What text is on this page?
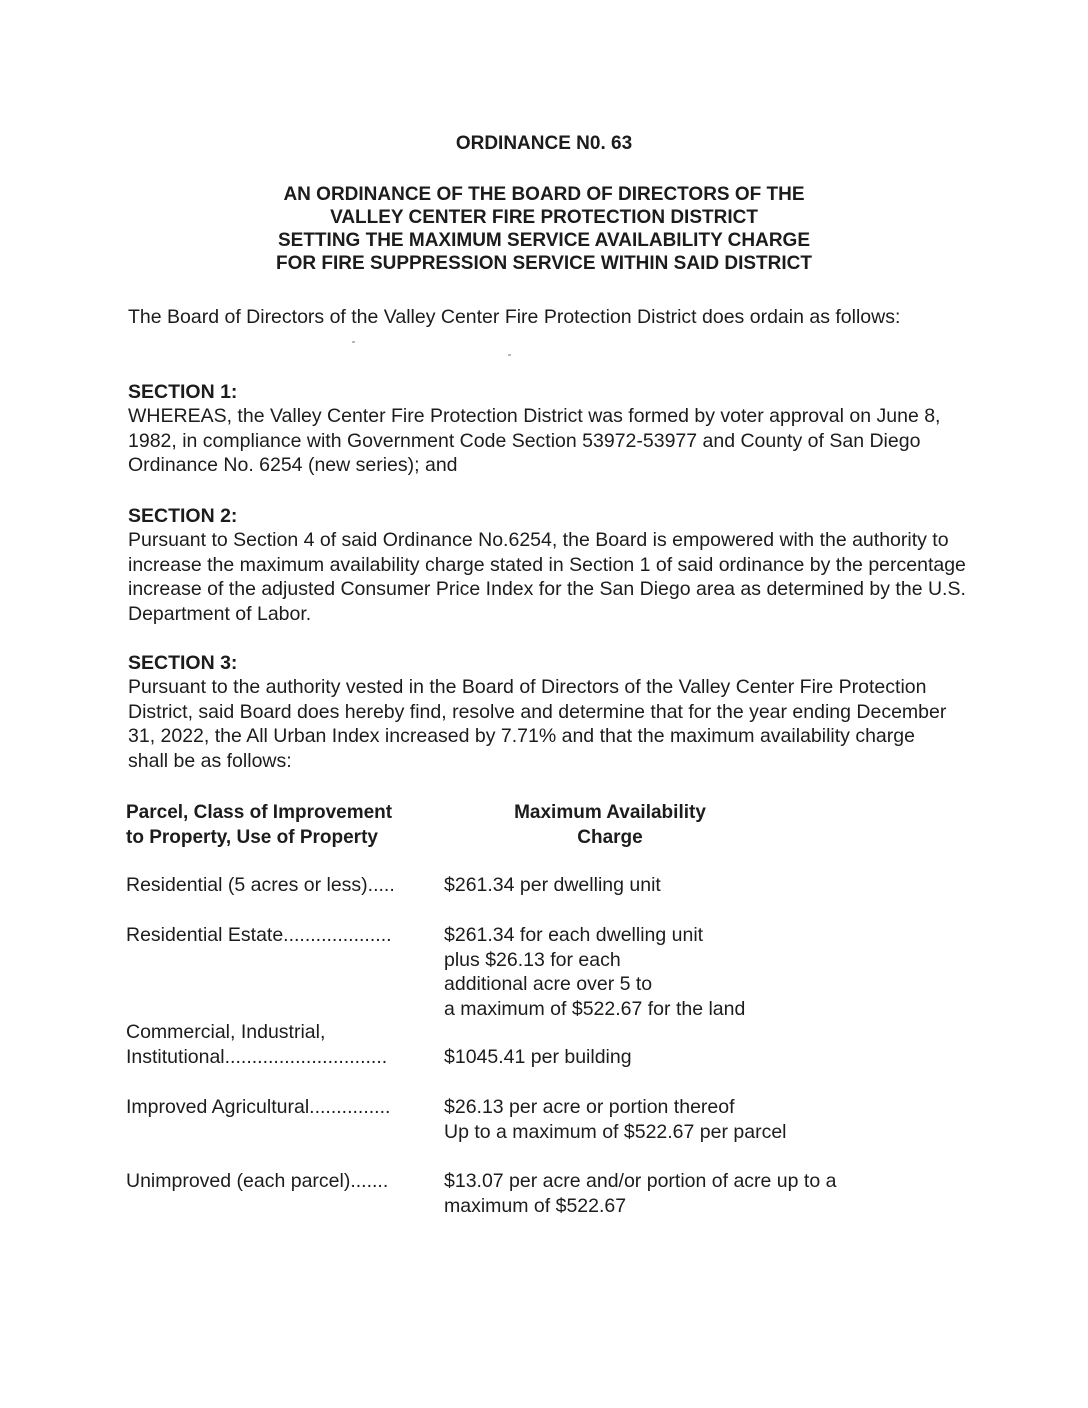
ORDINANCE N0. 63
AN ORDINANCE OF THE BOARD OF DIRECTORS OF THE
VALLEY CENTER FIRE PROTECTION DISTRICT
SETTING THE MAXIMUM SERVICE AVAILABILITY CHARGE
FOR FIRE SUPPRESSION SERVICE WITHIN SAID DISTRICT
The Board of Directors of the Valley Center Fire Protection District does ordain as follows:
SECTION 1:
WHEREAS, the Valley Center Fire Protection District was formed by voter approval on June 8, 1982, in compliance with Government Code Section 53972-53977 and County of San Diego Ordinance No. 6254 (new series); and
SECTION 2:
Pursuant to Section 4 of said Ordinance No.6254, the Board is empowered with the authority to increase the maximum availability charge stated in Section 1 of said ordinance by the percentage increase of the adjusted Consumer Price Index for the San Diego area as determined by the U.S. Department of Labor.
SECTION 3:
Pursuant to the authority vested in the Board of Directors of the Valley Center Fire Protection District, said Board does hereby find, resolve and determine that for the year ending December 31, 2022, the All Urban Index increased by 7.71% and that the maximum availability charge shall be as follows:
Parcel, Class of Improvement
to Property, Use of Property
Maximum Availability
Charge
Residential (5 acres or less).....	$261.34 per dwelling unit
Residential Estate....................	$261.34 for each dwelling unit
plus $26.13 for each
additional acre over 5 to
a maximum of $522.67 for the land
Commercial, Industrial,
Institutional..............................	$1045.41 per building
Improved Agricultural...............	$26.13 per acre or portion thereof
Up to a maximum of $522.67 per parcel
Unimproved (each parcel).......	$13.07 per acre and/or portion of acre up to a
maximum of $522.67
